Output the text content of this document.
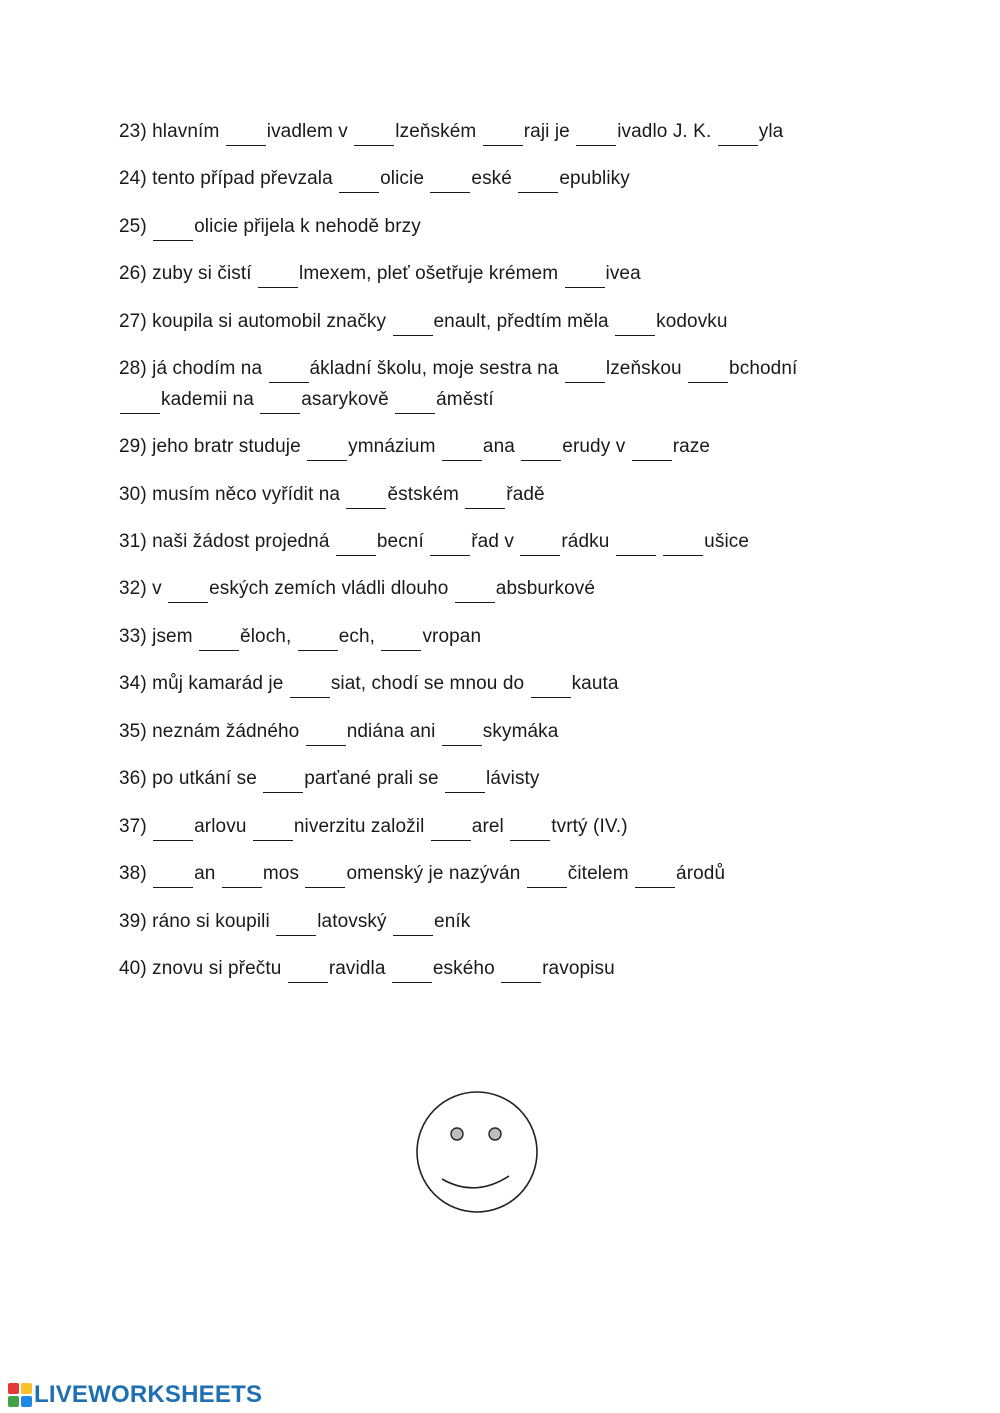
23) hlavním ivadlem v lzeňském raji je ivadlo J. K. yla
24) tento případ převzala olicie eské epubliky
25) olicie přijela k nehodě brzy
26) zuby si čistí lmexem, pleť ošetřuje krémem ivea
27) koupila si automobil značky enault, předtím měla kodovku
28) já chodím na ákladní školu, moje sestra na lzeňskou bchodní
kademii na asarykově áměstí
29) jeho bratr studuje ymnázium ana erudy v raze
30) musím něco vyřídit na ěstském řadě
31) naši žádost projedná becní řad v rádku	ušice
32) v eských zemích vládli dlouho absburkové
33) jsem ěloch, ech, vropan
34) můj kamarád je siat, chodí se mnou do kauta
35) neznám žádného ndiána ani skymáka
36) po utkání se parťané prali se lávisty
37) arlovu niverzitu založil arel tvrtý (IV.)
38) an mos omenský je nazýván čitelem árodů
39) ráno si koupili latovský eník
40) znovu si přečtu ravidla eského ravopisu
LIVEWORKSHEETS
